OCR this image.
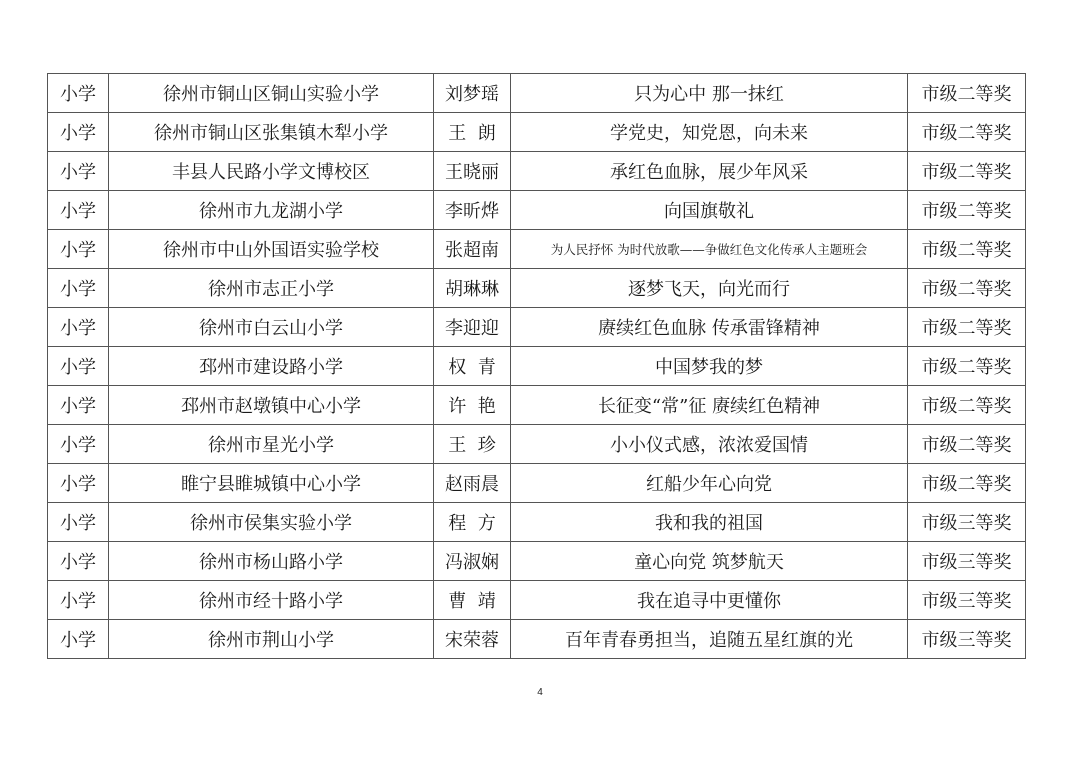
小学	徐州市铜山区铜山实验小学	刘梦瑶	只为心中 那一抹红	市级二等奖
小学	徐州市铜山区张集镇木犁小学	王  朗	学党史，知党恩，向未来	市级二等奖
小学	丰县人民路小学文博校区	王晓丽	承红色血脉，展少年风采	市级二等奖
小学	徐州市九龙湖小学	李昕烨	向国旗敬礼	市级二等奖
小学	徐州市中山外国语实验学校	张超南	为人民抒怀 为时代放歌——争做红色文化传承人主题班会	市级二等奖
小学	徐州市志正小学	胡琳琳	逐梦飞天，向光而行	市级二等奖
小学	徐州市白云山小学	李迎迎	赓续红色血脉 传承雷锋精神	市级二等奖
小学	邳州市建设路小学	权  青	中国梦我的梦	市级二等奖
小学	邳州市赵墩镇中心小学	许  艳	长征变“常”征 赓续红色精神	市级二等奖
小学	徐州市星光小学	王  珍	小小仪式感，浓浓爱国情	市级二等奖
小学	睢宁县睢城镇中心小学	赵雨晨	红船少年心向党	市级二等奖
小学	徐州市侯集实验小学	程  方	我和我的祖国	市级三等奖
小学	徐州市杨山路小学	冯淑娴	童心向党 筑梦航天	市级三等奖
小学	徐州市经十路小学	曹  靖	我在追寻中更懂你	市级三等奖
小学	徐州市荆山小学	宋荣蓉	百年青春勇担当，追随五星红旗的光	市级三等奖
4
